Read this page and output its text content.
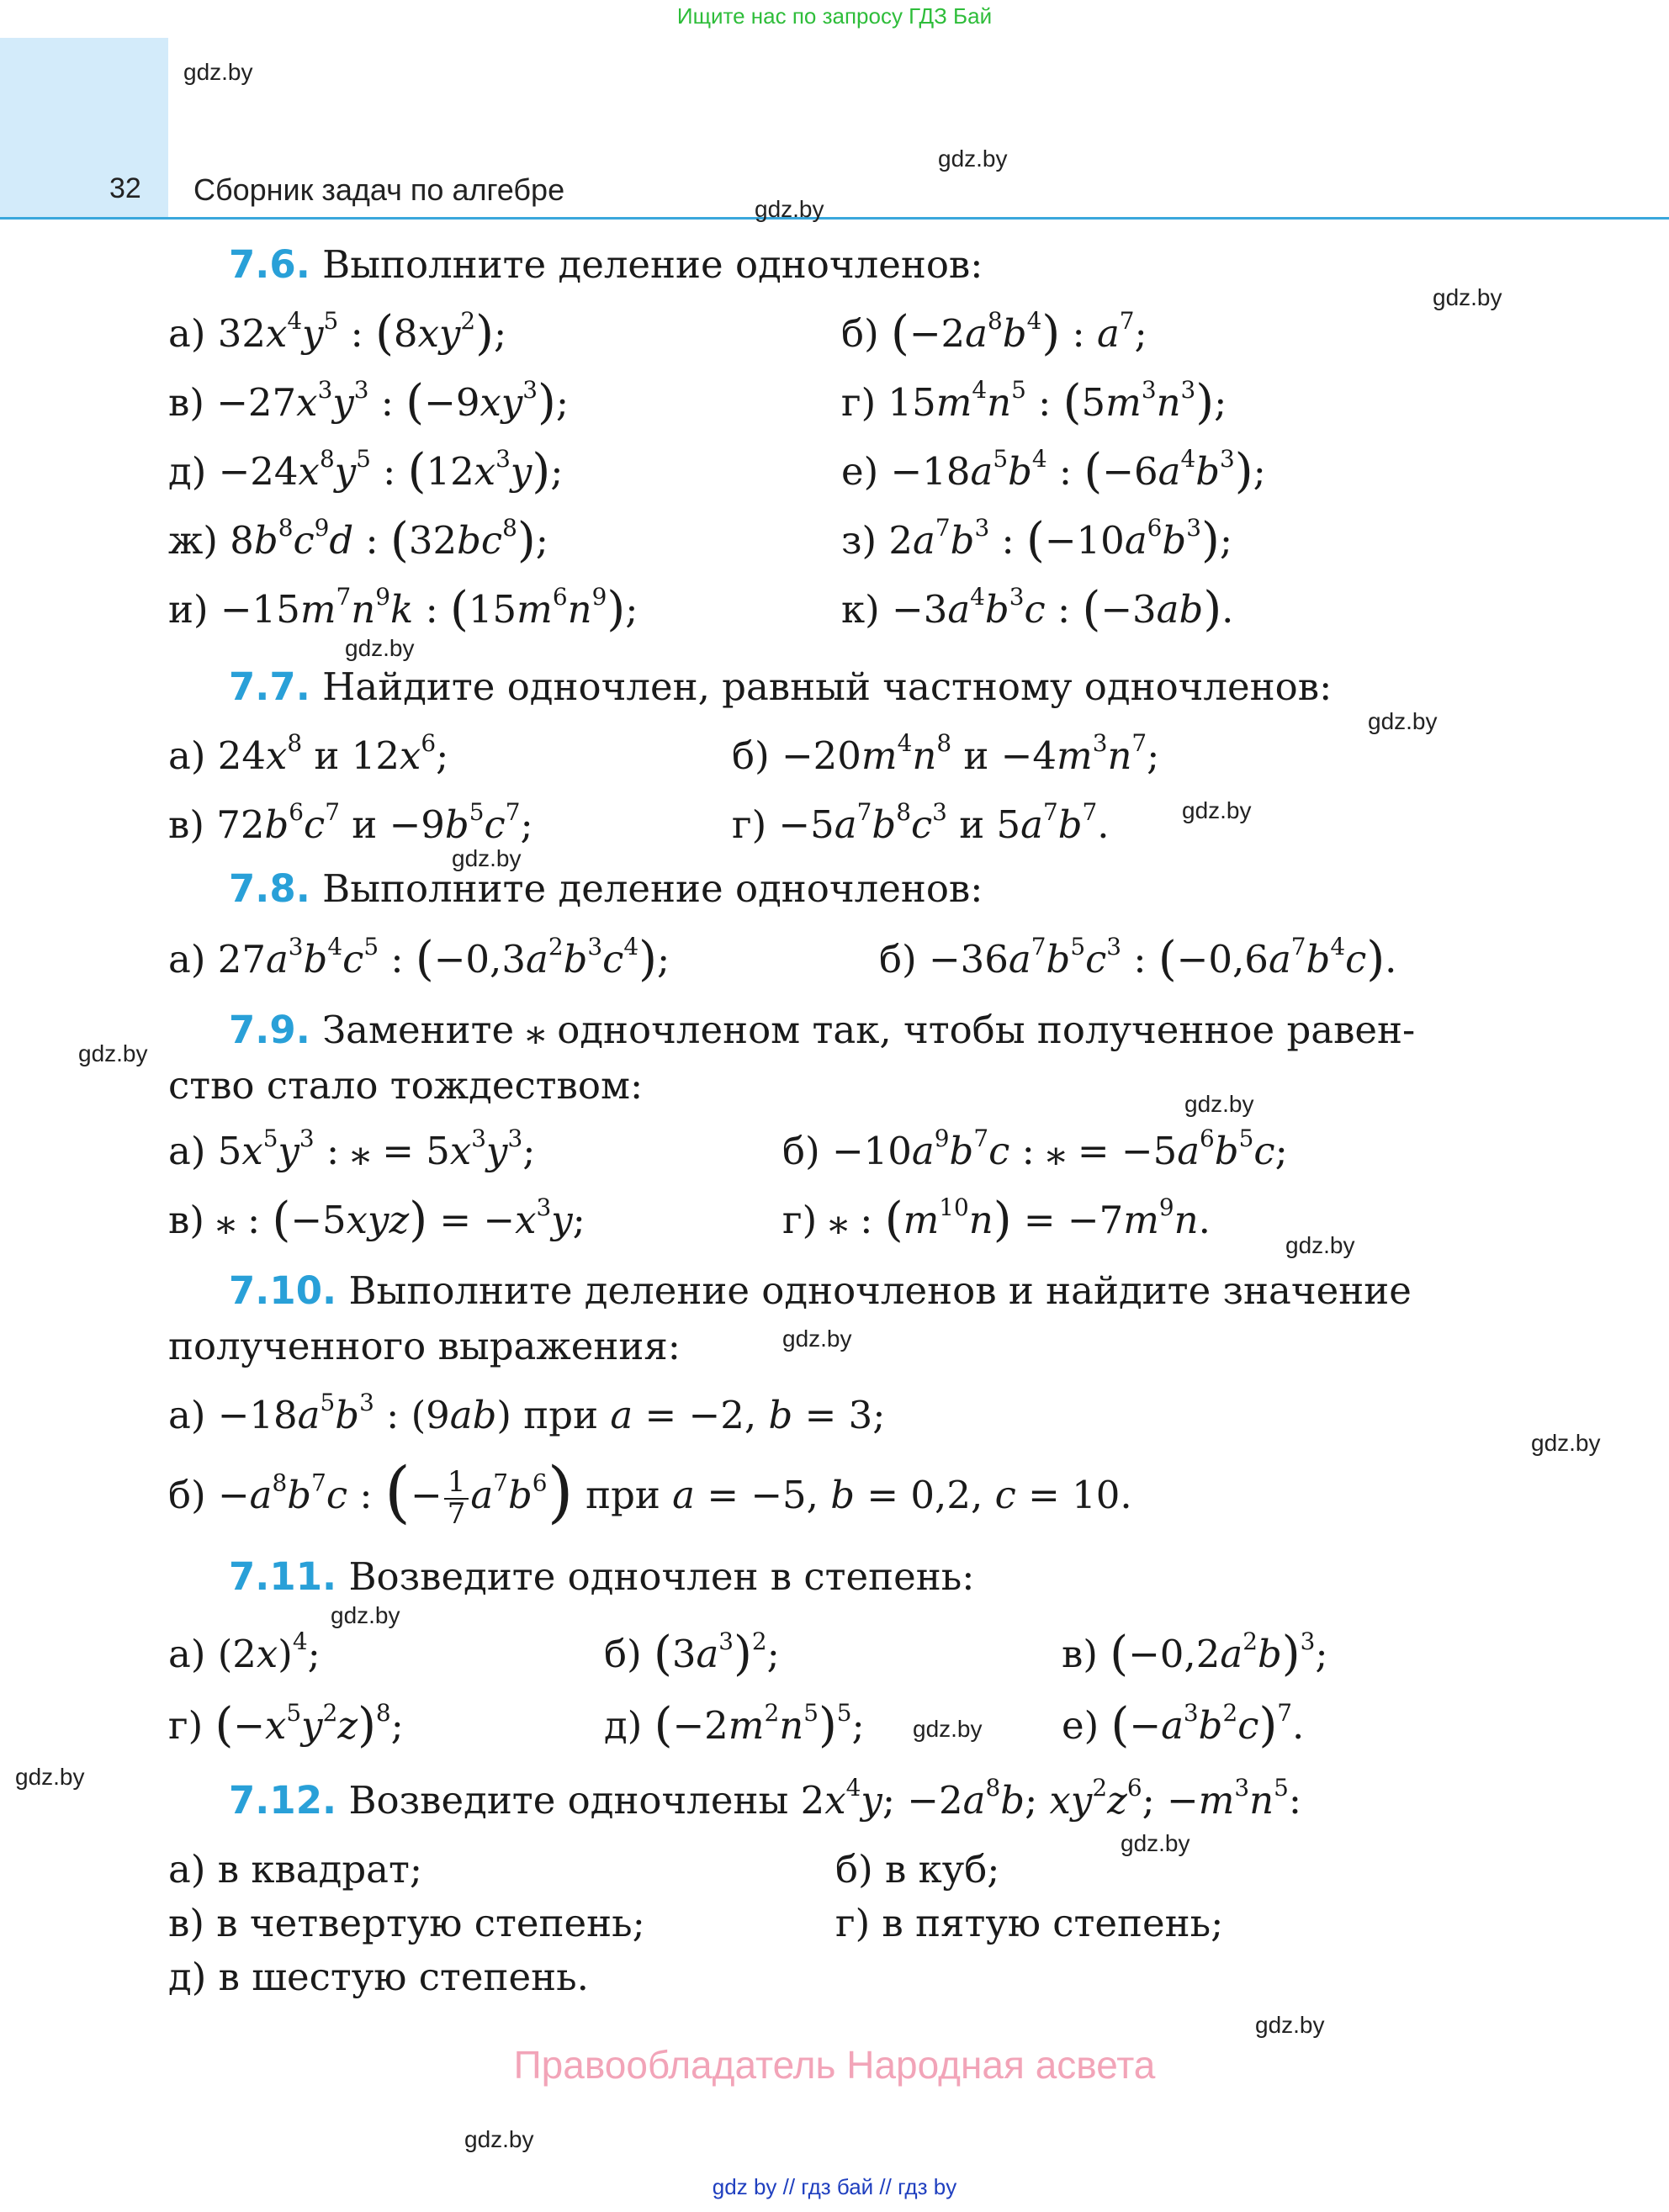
Ищите нас по запросу ГДЗ Бай
32 Сборник задач по алгебре
gdz.by
gdz.by
gdz.by
gdz.by
gdz.by
gdz.by
gdz.by
gdz.by
gdz.by
gdz.by
gdz.by
gdz.by
gdz.by
gdz.by
gdz.by
gdz.by
gdz.by
gdz.by
gdz.by
7.6. Выполните деление одночленов:
а) $32x^4y^5$ : $(8xy^2)$;	б) $(-2a^8b^4)$ : $a^7$;
$в) -27x^3y^3$ : $(-9xy^3)$;	г) $15m^4n^5$ : $(5m^3n^3)$;
$д) -24x^8y^5$ : $(12x^3y)$;	$е) -18a^5b^4$ : $(-6a^4b^3)$;
ж) $8b^8c^9d$ : $(32bc^8)$;	з) $2a^7b^3$ : $(-10a^6b^3)$;
$и) -15m^7n^9k$ : $(15m^6n^9)$;	$к) -3a^4b^3c$ : (−3ab).
7.7. Найдите одночлен, равный частному одночленов:
а) $24x^8$ и $12x^6$;	$б) -20m^4n^8$ $и -4m^3n^7$;
в) $72b^6c^7$ $и -9b^5c^7$;	$г) -5a^7b^8c^3$ и $5a^7b^7$.
7.8. Выполните деление одночленов:
а) $27a^3b^4c^5$ : $(-0,3a^2b^3c^4)$;	$б) -36a^7b^5c^3$ : $(-0,6a^7b^4c)$.
7.9. Замените ⁎ одночленом так, чтобы полученное равен-
ство стало тождеством:
а) $5x^5y^3$ : ⁎ = $5x^3y^3$;	$б) -10a^9b^7c$ : ⁎ = $-5a^6b^5c$;
в) ⁎ : $(-5xyz) = -x^3y$;	г) ⁎ : $(m^{10}n) = -7m^9n$.
7.10. Выполните деление одночленов и найдите значение
полученного выражения:
$а) -18a^5b^3$ : (9ab) при a = −2, b = 3;
$б) -a^8b^7c$ : (− $\frac{1}{7} a^7b^6$) при a = −5, b = 0,2, c = 10.
7.11. Возведите одночлен в степень:
а) $(2x)^4$;	б) $(3a^3)^2$;	в) $(-0,2a^2b)^3$;
г) $(-x^5y^2z)^8$;	д) $(-2m^2n^5)^5$;	е) $(-a^3b^2c)^7$.
7.12. Возведите одночлены $2x^4y$; $-2a^8b$; $xy^2z^6$; $-m^3n^5$:
а) в квадрат;	б) в куб;
в) в четвертую степень;	г) в пятую степень;
д) в шестую степень.
Правообладатель Народная асвета
gdz by // гдз бай // гдз by
